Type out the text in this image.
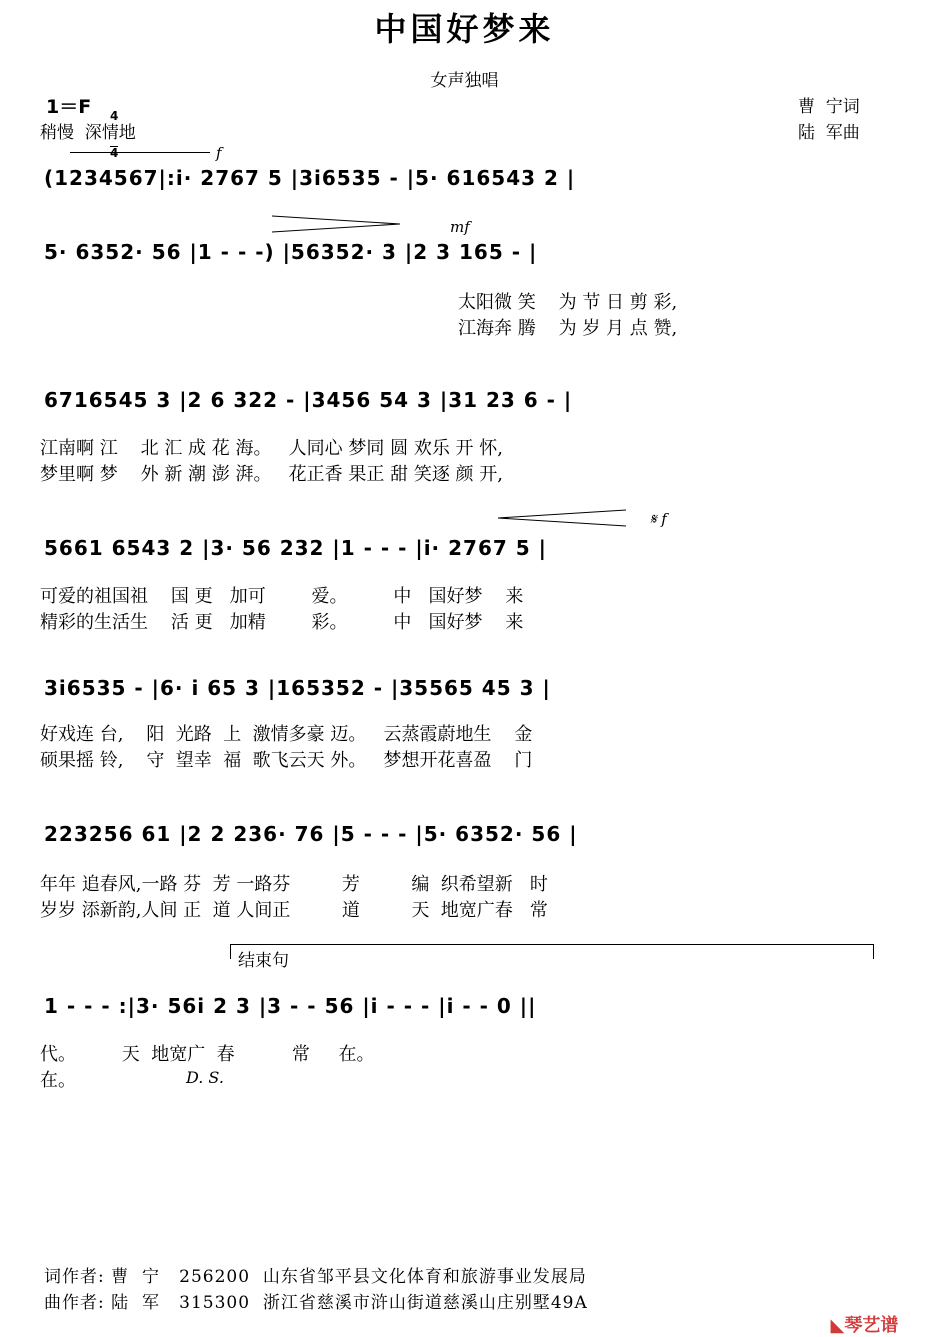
中国好梦来
女声独唱
1＝F

4

4

稍慢  深情地
曹  宁词
陆  军曲
f
(1234567|:i· 2767 5 |3i6535 - |5· 616543 2 |
mf
5· 6352· 56 |1 - - -) |56352· 3 |2 3 165 - |
太阳微 笑    为 节 日 剪 彩,
江海奔 腾    为 岁 月 点 赞,
6716545 3 |2 6 322 - |3456 54 3 |31 23 6 - |
江南啊 江    北 汇 成 花 海。   人同心 梦同 圆 欢乐 开 怀,
梦里啊 梦    外 新 潮 澎 湃。   花正香 果正 甜 笑逐 颜 开,
𝄋 f
5661 6543 2 |3· 56 232 |1 - - - |i· 2767 5 |
可爱的祖国祖    国 更   加可        爱。        中   国好梦    来
精彩的生活生    活 更   加精        彩。        中   国好梦    来
3i6535 - |6· i 65 3 |165352 - |35565 45 3 |
好戏连 台,    阳  光路  上  激情多豪 迈。   云蒸霞蔚地生    金
硕果摇 铃,    守  望幸  福  歌飞云天 外。   梦想开花喜盈    门
223256 61 |2 2 236· 76 |5 - - - |5· 6352· 56 |
年年 追春风,一路 芬  芳 一路芬         芳         编  织希望新   时
岁岁 添新韵,人间 正  道 人间正         道         天  地宽广春   常
结束句
1 - - - :|3· 56i 2 3 |3 - - 56 |i - - - |i - - 0 ||
代。        天  地宽广  春          常     在。
在。	D. S.
词作者: 曹  宁   256200  山东省邹平县文化体育和旅游事业发展局
曲作者: 陆  军   315300  浙江省慈溪市浒山街道慈溪山庄别墅49A

◣琴艺谱
